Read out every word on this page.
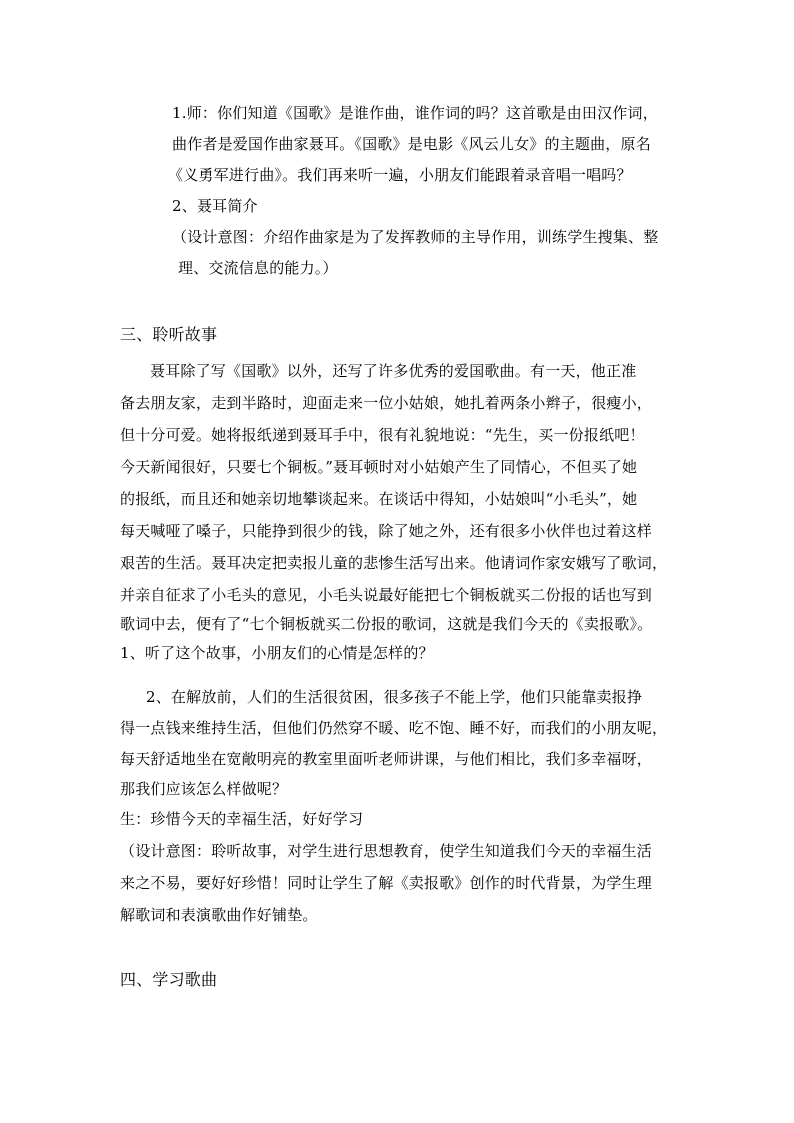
1.师：你们知道《国歌》是谁作曲，谁作词的吗？这首歌是由田汉作词，
曲作者是爱国作曲家聂耳。《国歌》是电影《风云儿女》的主题曲，原名
《义勇军进行曲》。我们再来听一遍，小朋友们能跟着录音唱一唱吗？
2、聂耳简介
（设计意图：介绍作曲家是为了发挥教师的主导作用，训练学生搜集、整
理、交流信息的能力。）
三、聆听故事
聂耳除了写《国歌》以外，还写了许多优秀的爱国歌曲。有一天，他正准
备去朋友家，走到半路时，迎面走来一位小姑娘，她扎着两条小辫子，很瘦小，
但十分可爱。她将报纸递到聂耳手中，很有礼貌地说：“先生，买一份报纸吧！
今天新闻很好，只要七个铜板。”聂耳顿时对小姑娘产生了同情心，不但买了她
的报纸，而且还和她亲切地攀谈起来。在谈话中得知，小姑娘叫“小毛头”，她
每天喊哑了嗓子，只能挣到很少的钱，除了她之外，还有很多小伙伴也过着这样
艰苦的生活。聂耳决定把卖报儿童的悲惨生活写出来。他请词作家安娥写了歌词，
并亲自征求了小毛头的意见，小毛头说最好能把七个铜板就买二份报的话也写到
歌词中去，便有了“七个铜板就买二份报的歌词，这就是我们今天的《卖报歌》。
1、听了这个故事，小朋友们的心情是怎样的？
2、在解放前，人们的生活很贫困，很多孩子不能上学，他们只能靠卖报挣
得一点钱来维持生活，但他们仍然穿不暖、吃不饱、睡不好，而我们的小朋友呢，
每天舒适地坐在宽敞明亮的教室里面听老师讲课，与他们相比，我们多幸福呀，
那我们应该怎么样做呢？
生：珍惜今天的幸福生活，好好学习
（设计意图：聆听故事，对学生进行思想教育，使学生知道我们今天的幸福生活
来之不易，要好好珍惜！同时让学生了解《卖报歌》创作的时代背景，为学生理
解歌词和表演歌曲作好铺垫。
四、学习歌曲
